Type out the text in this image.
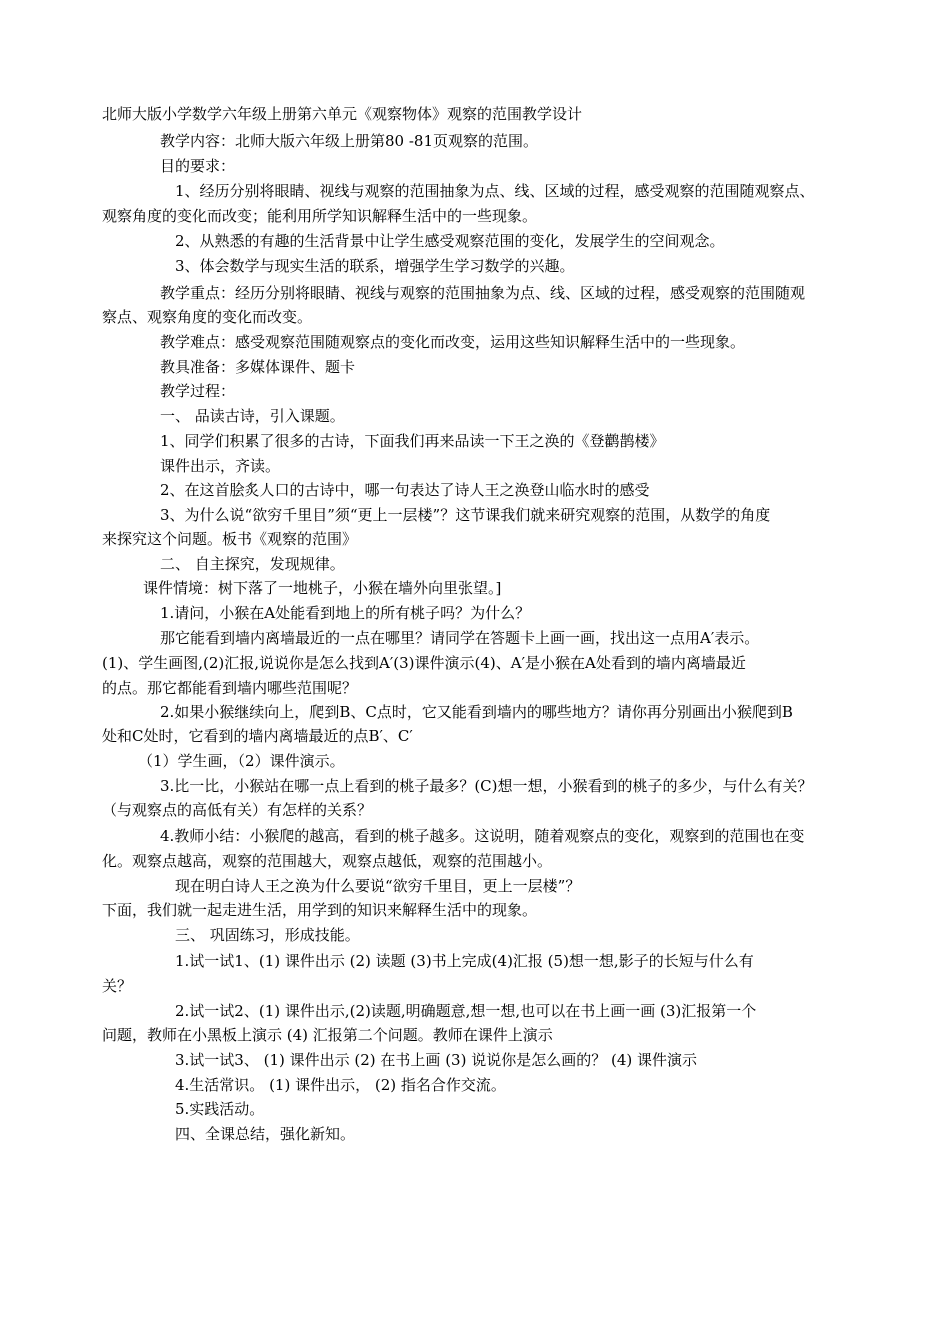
北师大版小学数学六年级上册第六单元《观察物体》观察的范围教学设计
教学内容：北师大版六年级上册第80 -81页观察的范围。
目的要求：
1、经历分别将眼睛、视线与观察的范围抽象为点、线、区域的过程，感受观察的范围随观察点、
观察角度的变化而改变；能利用所学知识解释生活中的一些现象。
2、从熟悉的有趣的生活背景中让学生感受观察范围的变化，发展学生的空间观念。
3、体会数学与现实生活的联系，增强学生学习数学的兴趣。
教学重点：经历分别将眼睛、视线与观察的范围抽象为点、线、区域的过程，感受观察的范围随观
察点、观察角度的变化而改变。
教学难点：感受观察范围随观察点的变化而改变，运用这些知识解释生活中的一些现象。
教具准备：多媒体课件、题卡
教学过程：
一、 品读古诗，引入课题。
1、同学们积累了很多的古诗，下面我们再来品读一下王之涣的《登鹳鹊楼》
课件出示，齐读。
2、在这首脍炙人口的古诗中，哪一句表达了诗人王之涣登山临水时的感受
3、为什么说“欲穷千里目”须“更上一层楼”？这节课我们就来研究观察的范围，从数学的角度
来探究这个问题。板书《观察的范围》
二、 自主探究，发现规律。
课件情境：树下落了一地桃子，小猴在墙外向里张望。]
1.请问，小猴在A处能看到地上的所有桃子吗？为什么？
那它能看到墙内离墙最近的一点在哪里？请同学在答题卡上画一画，找出这一点用A′表示。
(1)、学生画图,(2)汇报,说说你是怎么找到A′(3)课件演示(4)、A′是小猴在A处看到的墙内离墙最近
的点。那它都能看到墙内哪些范围呢？
2.如果小猴继续向上，爬到B、C点时，它又能看到墙内的哪些地方？请你再分别画出小猴爬到B
处和C处时，它看到的墙内离墙最近的点B′、C′
（1）学生画，（2）课件演示。
3.比一比，小猴站在哪一点上看到的桃子最多？(C)想一想，小猴看到的桃子的多少，与什么有关？
（与观察点的高低有关）有怎样的关系？
4.教师小结：小猴爬的越高，看到的桃子越多。这说明，随着观察点的变化，观察到的范围也在变
化。观察点越高，观察的范围越大，观察点越低，观察的范围越小。
现在明白诗人王之涣为什么要说“欲穷千里目，更上一层楼”？
下面，我们就一起走进生活，用学到的知识来解释生活中的现象。
三、 巩固练习，形成技能。
1.试一试1、(1) 课件出示 (2) 读题 (3)书上完成(4)汇报 (5)想一想,影子的长短与什么有
关？
2.试一试2、(1) 课件出示,(2)读题,明确题意,想一想,也可以在书上画一画 (3)汇报第一个
问题，教师在小黑板上演示 (4) 汇报第二个问题。教师在课件上演示
3.试一试3、 (1) 课件出示 (2) 在书上画 (3) 说说你是怎么画的？ (4) 课件演示
4.生活常识。 (1) 课件出示， (2) 指名合作交流。
5.实践活动。
四、全课总结，强化新知。
